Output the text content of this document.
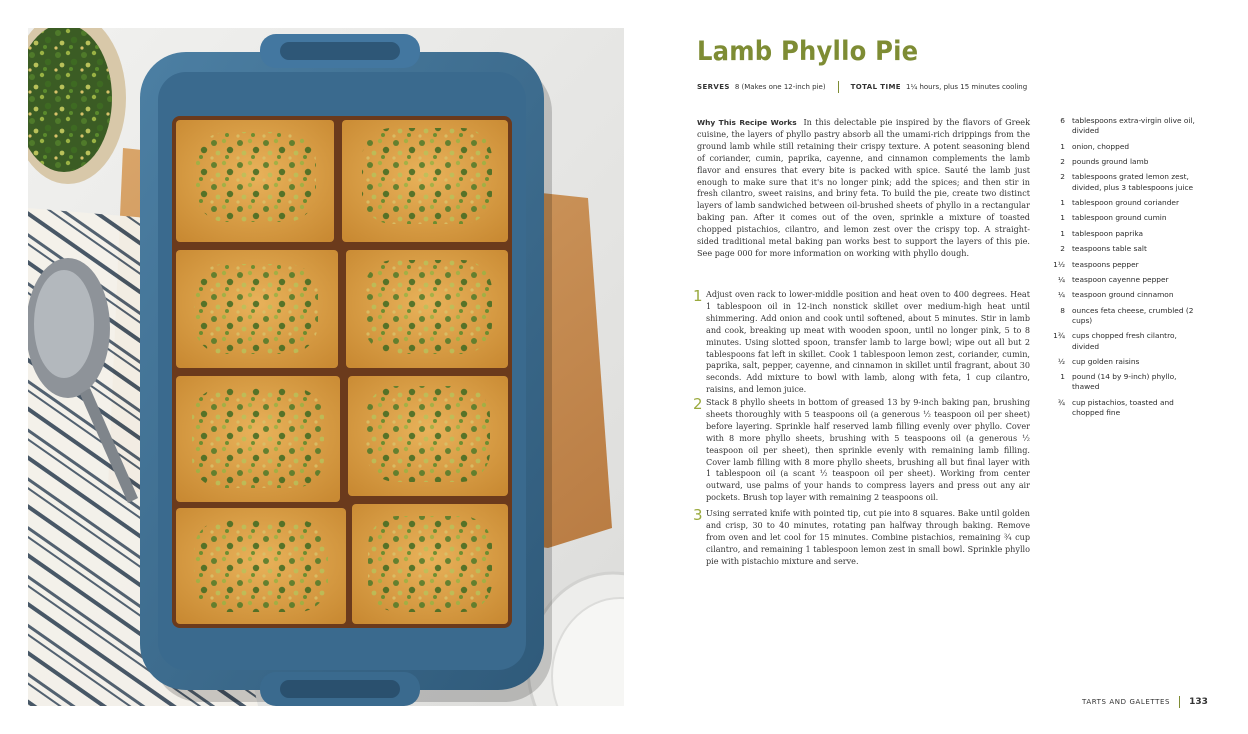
Lamb Phyllo Pie
SERVES 8 (Makes one 12-inch pie)	TOTAL TIME 1¼ hours, plus 15 minutes cooling

Why This Recipe Works In this delectable pie inspired by the flavors of Greek cuisine, the layers of phyllo pastry absorb all the umami-rich drippings from the ground lamb while still retaining their crispy texture. A potent seasoning blend of coriander, cumin, paprika, cayenne, and cinnamon complements the lamb flavor and ensures that every bite is packed with spice. Sauté the lamb just enough to make sure that it's no longer pink; add the spices; and then stir in fresh cilantro, sweet raisins, and briny feta. To build the pie, create two distinct layers of lamb sandwiched between oil-brushed sheets of phyllo in a rectangular baking pan. After it comes out of the oven, sprinkle a mixture of toasted chopped pistachios, cilantro, and lemon zest over the crispy top. A straight-sided traditional metal baking pan works best to support the layers of this pie. See page 000 for more information on working with phyllo dough.

1 Adjust oven rack to lower-middle position and heat oven to 400 degrees. Heat 1 tablespoon oil in 12-inch nonstick skillet over medium-high heat until shimmering. Add onion and cook until softened, about 5 minutes. Stir in lamb and cook, breaking up meat with wooden spoon, until no longer pink, 5 to 8 minutes. Using slotted spoon, transfer lamb to large bowl; wipe out all but 2 tablespoons fat left in skillet. Cook 1 tablespoon lemon zest, coriander, cumin, paprika, salt, pepper, cayenne, and cinnamon in skillet until fragrant, about 30 seconds. Add mixture to bowl with lamb, along with feta, 1 cup cilantro, raisins, and lemon juice.
2 Stack 8 phyllo sheets in bottom of greased 13 by 9-inch baking pan, brushing sheets thoroughly with 5 teaspoons oil (a generous ½ teaspoon oil per sheet) before layering. Sprinkle half reserved lamb filling evenly over phyllo. Cover with 8 more phyllo sheets, brushing with 5 teaspoons oil (a generous ½ teaspoon oil per sheet), then sprinkle evenly with remaining lamb filling. Cover lamb filling with 8 more phyllo sheets, brushing all but final layer with 1 tablespoon oil (a scant ½ teaspoon oil per sheet). Working from center outward, use palms of your hands to compress layers and press out any air pockets. Brush top layer with remaining 2 teaspoons oil.
3 Using serrated knife with pointed tip, cut pie into 8 squares. Bake until golden and crisp, 30 to 40 minutes, rotating pan halfway through baking. Remove from oven and let cool for 15 minutes. Combine pistachios, remaining ¾ cup cilantro, and remaining 1 tablespoon lemon zest in small bowl. Sprinkle phyllo pie with pistachio mixture and serve.
6 tablespoons extra-virgin olive oil, divided
1 onion, chopped
2 pounds ground lamb
2 tablespoons grated lemon zest, divided, plus 3 tablespoons juice
1 tablespoon ground coriander
1 tablespoon ground cumin
1 tablespoon paprika
2 teaspoons table salt
1½ teaspoons pepper
¼ teaspoon cayenne pepper
¼ teaspoon ground cinnamon
8 ounces feta cheese, crumbled (2 cups)
1¾ cups chopped fresh cilantro, divided
½ cup golden raisins
1 pound (14 by 9-inch) phyllo, thawed
¾ cup pistachios, toasted and chopped fine
TARTS AND GALETTES 133
